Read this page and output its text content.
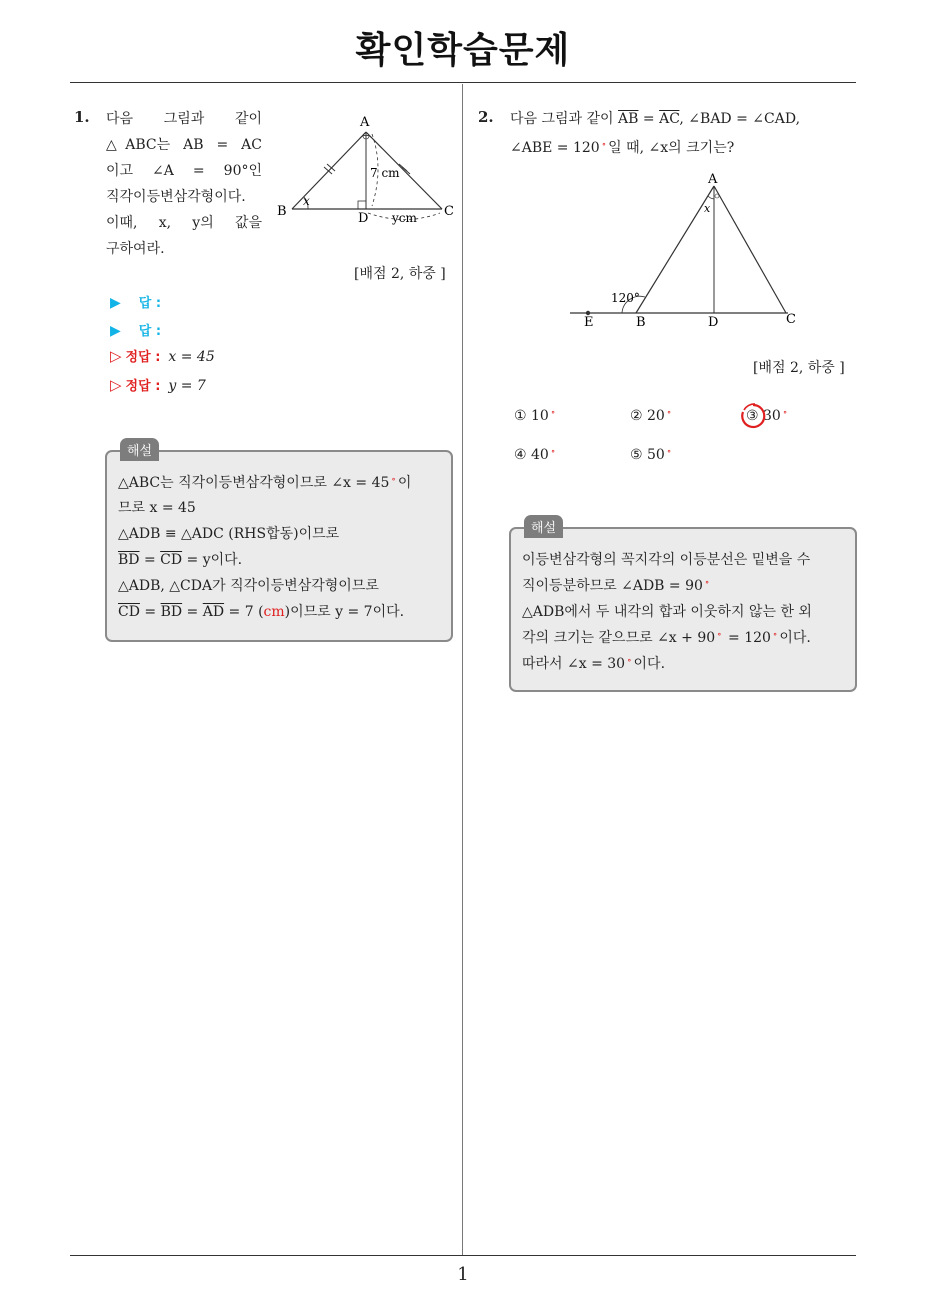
확인학습문제
1
1. 다음 그림과 같이
△ABC는 AB = AC
이고 ∠A = 90°인
직각이등변삼각형이다.
이때, x, y의 값을
구하여라.
A
B	C
D
x
7 cm
ycm
[배점 2, 하중 ]
▶ 답 :
▶ 답 :
▷ 정답 : x = 45
▷ 정답 : y = 7
해설
△ABC는 직각이등변삼각형이므로 ∠x = 45 ∘ 이
므로 x = 45
△ADB ≡ △ADC (RHS합동)이므로
$\overline{BD} = \overline{CD} = y$이다.
△ADB, △CDA가 직각이등변삼각형이므로
$\overline{CD} = \overline{BD} = \overline{AD} = 7$ (cm)이므로 y = 7이다.
2. 다음 그림과 같이 $\overline{AB} = \overline{AC}$, ∠BAD = ∠CAD,
∠ABE = 120 ∘ 일 때, ∠x의 크기는?
A
B	C
D
E
x
120°
[배점 2, 하중 ]
① 10 ∘	② 20 ∘	③ 30 ∘
④ 40 ∘	⑤ 50 ∘
해설
이등변삼각형의 꼭지각의 이등분선은 밑변을 수
직이등분하므로 ∠ADB = 90 ∘
△ADB에서 두 내각의 합과 이웃하지 않는 한 외
각의 크기는 같으므로 ∠x + 90 ∘ = 120 ∘ 이다.
따라서 ∠x = 30 ∘ 이다.
